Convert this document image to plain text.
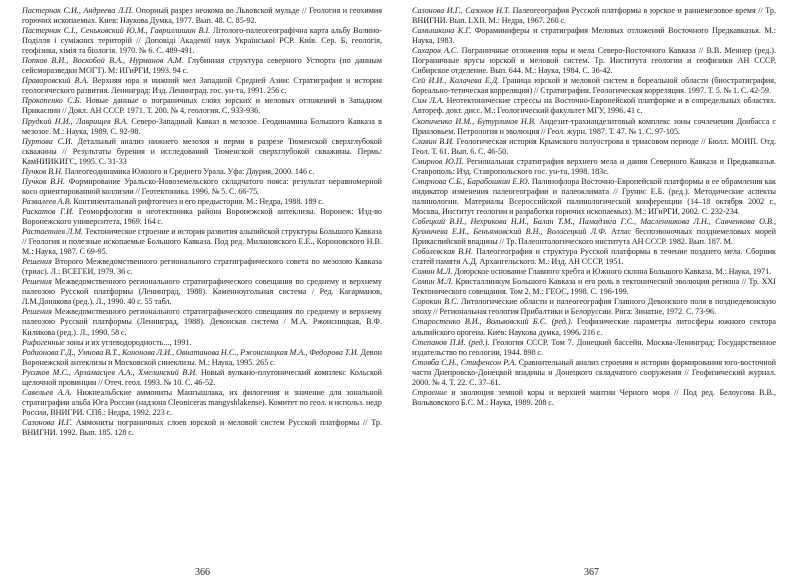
Пастернак С.И., Андреева Л.П. Опорный разрез неокома во Львовской мульде // Геология и геохимия горючих ископаемых. Киев: Наукова Думка, 1977. Вып. 48. С. 85-92.

Пастернак С.І., Сеньковский Ю.М., Гавриллишин В.І. Літолого-палеогеографічна карта альбу Волино-Поділля і суміжних територій // Доповіді Академії наук Української РСР. Київ. Сер. Б, геологія, геофізика, хімія та біологія. 1970. № 6. С. 489-491.

Попков В.И., Воскобой В.А., Нурманов А.М. Глубинная структура северного Устюрта (по данным сейсморазведки МОГТ). М: ИГиРГИ, 1993. 94 с.

Праворовский В.А. Верхняя юра и нижний мел Западной Средней Азии: Стратиграфия и история геологического развития. Ленинград: Изд. Ленинград. гос. ун-та, 1991. 256 с.

Прокопенко С.Б. Новые данные о пограничных слоях юрских и меловых отложений в Западном Прикаспии // Докл. АН СССР. 1971. Т. 200. № 4, геология. С. 933-936.

Прудкий Н.И., Лаврищев В.А. Северо-Западный Кавказ в мезозое. Геодинамика Большого Кавказа в мезозое. М.: Наука, 1989. С. 92-98.

Пуртова С.И. Детальный анализ нижнего мезозоя и перми в разрезе Тюменской сверхглубокой скважины // Результаты бурения и исследований Тюменской сверхглубокой скважины. Пермь: КамНИИКИГС, 1995. С. 31-33

Пучков В.Н. Палеогеодинамика Южного и Среднего Урала. Уфа: Даурия, 2000. 146 с.

Пучков В.Н. Формирование Уральско-Новоземельского складчатого пояса: результат неравномерной косо ориентированной коллизии // Геотектоника. 1996. № 5. С. 66-75.

Развалеев А.В. Континентальный рифтогенез и его предыстория. М.: Недра, 1988. 189 с.

Раскатов Г.И. Геоморфология и неотектоника района Воронежской антеклизы. Воронеж: Изд-во Воронежского университета, 1969. 164 с.

Растаетаев Л.М. Тектоническое строение и история развития альпийской структуры Большого Кавказа // Геология и полезные ископаемые Большого Кавказа. Под ред. Милановского Е.Е., Короновского Н.В. М.: Наука, 1987. С 69-95.

Решения Второго Межведомственного регионального стратиграфического совета по мезозою Кавказа (триас). Л.: ВСЕГЕИ, 1979. 36 с.

Решения Межведомственного регионального стратиграфического совещания по среднему и верхнему палеозою Русской платформы (Ленинград, 1988). Каменноугольная система / Ред. Кагарманов, Л.М.Донакова (ред.). Л., 1990. 40 с. 55 табл.

Решения Межведомственного регионального стратиграфического совещания по среднему и верхнему палеозою Русской платформы (Ленинград, 1988). Девонская система / М.А. Ржонсницкая, В.Ф. Киликова (ред.). Л., 1990. 58 с.

Рифогенные зоны и их углеводородность..., 1991.

Родионова Г.Д., Умнова В.Т., Кононова Л.И., Овнатанова Н.С., Ржонсницкая М.А., Федорова Т.И. Девон Воронежской антеклизы и Московской синеклизы. М.: Наука, 1995. 265 с.

Русаков М.С., Арзамасцев А.А., Хмелинский В.И. Новый вулкано-плутонический комплекс Кольской щелочной провинции // Отеч. геол. 1993. № 10. С. 46-52.

Савельев А.А. Нижнеальбские аммониты Мангышлака, их филогения и значение для зональной стратиграфии альба Юга России (надзона Cleoniceras mangyshlakense). Комитет по геол. и использ. недр России, ВНИГРИ. СПб.: Недра, 1992. 223 с.

Сазонова И.Г. Аммониты пограничных слоев юрской и меловой систем Русской платформы // Тр. ВНИГНИ. 1992. Вып. 185. 128 с.

366

Сазонова И.Г., Сазонов Н.Т. Палеогеография Русской платформы в юрское и раннемеловое время // Тр. ВНИГНИ. Вып. LXII. М.: Недра, 1967. 260 с.

Самышкина К.Г. Фораминиферы и стратиграфия Меловых отложений Восточного Предкавказья. М.: Наука, 1983.

Сахаров А.С. Пограничные отложения юры и мела Северо-Восточного Кавказа // В.В. Меннер (ред.). Пограничные ярусы юрской и меловой систем. Тр. Института геологии и геофизики АН СССР, Сибирское отделение. Вып. 644. М.: Наука, 1984. С. 36-42.

Сей И.И., Калачева Е.Д. Граница юрской и меловой систем в бореальной области (биостратиграфия, бореально-тетическая корреляция) // Стратиграфия. Геологическая корреляция. 1997. Т. 5. № 1. С. 42-59.

Сим Л.А. Неотектонические стрессы на Восточно-Европейской платформе и в сопредельных областях. Автореф. докт. дисс. М.: Геологический факультет МГУ, 1996. 41 с.

Скопиченко И.М., Бутурлинов Н.В. Андезит-трахиандезитовый комплекс зоны сочленения Донбасса с Приазовьем. Петрология и эволюция // Геол. журн. 1987. Т. 47. № 1. С. 97-105.

Славин В.И. Геологическая история Крымского полуострова в триасовом периоде // Бюлл. МОИП. Отд. Геол. Т. 61. Вып. 6. С. 46-50.

Смирнов Ю.П. Региональная стратиграфия верхнего мела и дания Северного Кавказа и Предкавказья. Ставрополь: Изд. Ставропольского гос. ун-та, 1998. 183с.

Смирнова С.Б., Барабошкин Е.Ю. Палинофлора Восточно-Европейской платформы и ее обрамления как индикатор изменения палеогеографии и палеоклимата // Грунис Е.Б. (ред.). Методические аспекты палинологии. Материалы Всероссийской палинологической конференции (14–18 октября 2002 г., Москва, Институт геологии и разработки горючих ископаемых). М.: ИГиРГИ, 2002. С. 232-234.

Собецкий В.Н., Нехрикова Н.И., Балан Т.М., Памадзяга Г.С., Масленникова Л.Н., Савченкова О.В., Кузмичева Е.И., Беньямовский В.Н., Волосецкий Л.Ф. Атлас беспозвоночных позднемеловых морей Прикаспийской впадины // Тр. Палеонтологического института АН СССР. 1982. Вып. 187. М.

Соболевская В.Н. Палеогеография и структура Русской платформы в течение позднего мела. Сборник статей памяти А.Д. Архангельского. М.: Изд. АН СССР, 1951.

Сомин М.Л. Доюрское основание Главного хребта и Южного склона Большого Кавказа. М.: Наука, 1971.

Сомин М.Л. Кристаллинкум Большого Кавказа и его роль в тектонической эволюции региона // Тр. XXI Тектонического совещания. Том 2. М.: ГЕОС, 1998. С. 196-199.

Сорокин В.С. Литологические области и палеогеография Главного Девонского поля в позднедевонскую эпоху // Региональная геология Прибалтики и Белоруссии. Рига: Зинатне, 1972. С. 73-96.

Старостенко В.И., Вольвовский Б.С. (ред.). Геофизические параметры литосферы южного сектора альпийского орогена. Киев: Наукова думка, 1996. 216 с.

Степанов П.И. (ред.). Геология СССР. Том 7. Донецкий бассейн. Москва-Ленинград: Государственное издательство по геологии, 1944. 898 с.

Стовба С.Н., Стифенсон Р.А. Сравнительный анализ строения и истории формирования юго-восточной части Днепровско-Донецкой впадины и Донецкого складчатого сооружения // Геофизический журнал. 2000. № 4. Т. 22. С. 37–61.

Строение и эволюция земной коры и верхней мантии Черного моря // Под ред. Белоусова В.В., Вольвовского Б.С. М.: Наука, 1989. 208 с.

367
